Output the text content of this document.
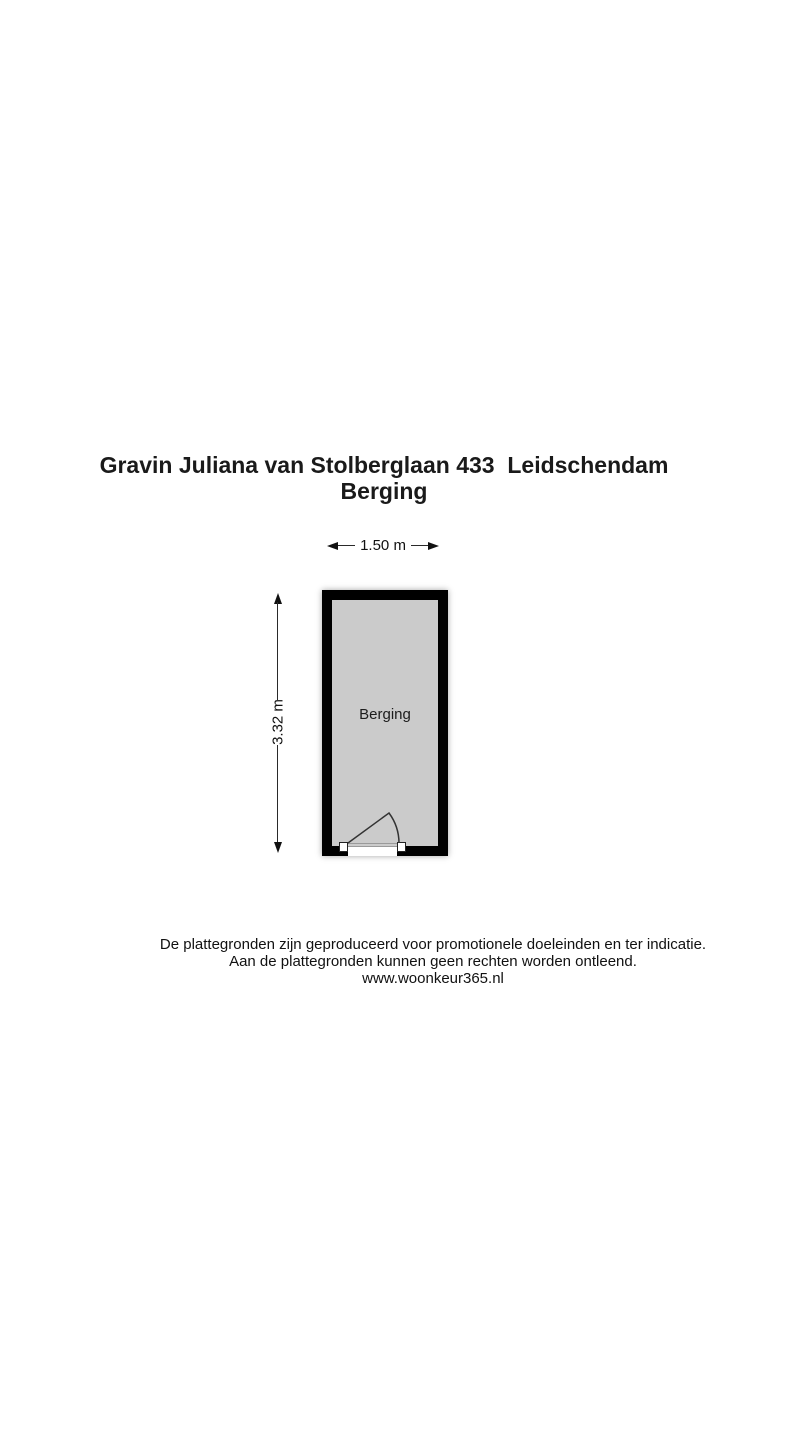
Gravin Juliana van Stolberglaan 433  Leidschendam
Berging
1.50 m
3.32 m	Berging
De plattegronden zijn geproduceerd voor promotionele doeleinden en ter indicatie.
Aan de plattegronden kunnen geen rechten worden ontleend.
www.woonkeur365.nl
